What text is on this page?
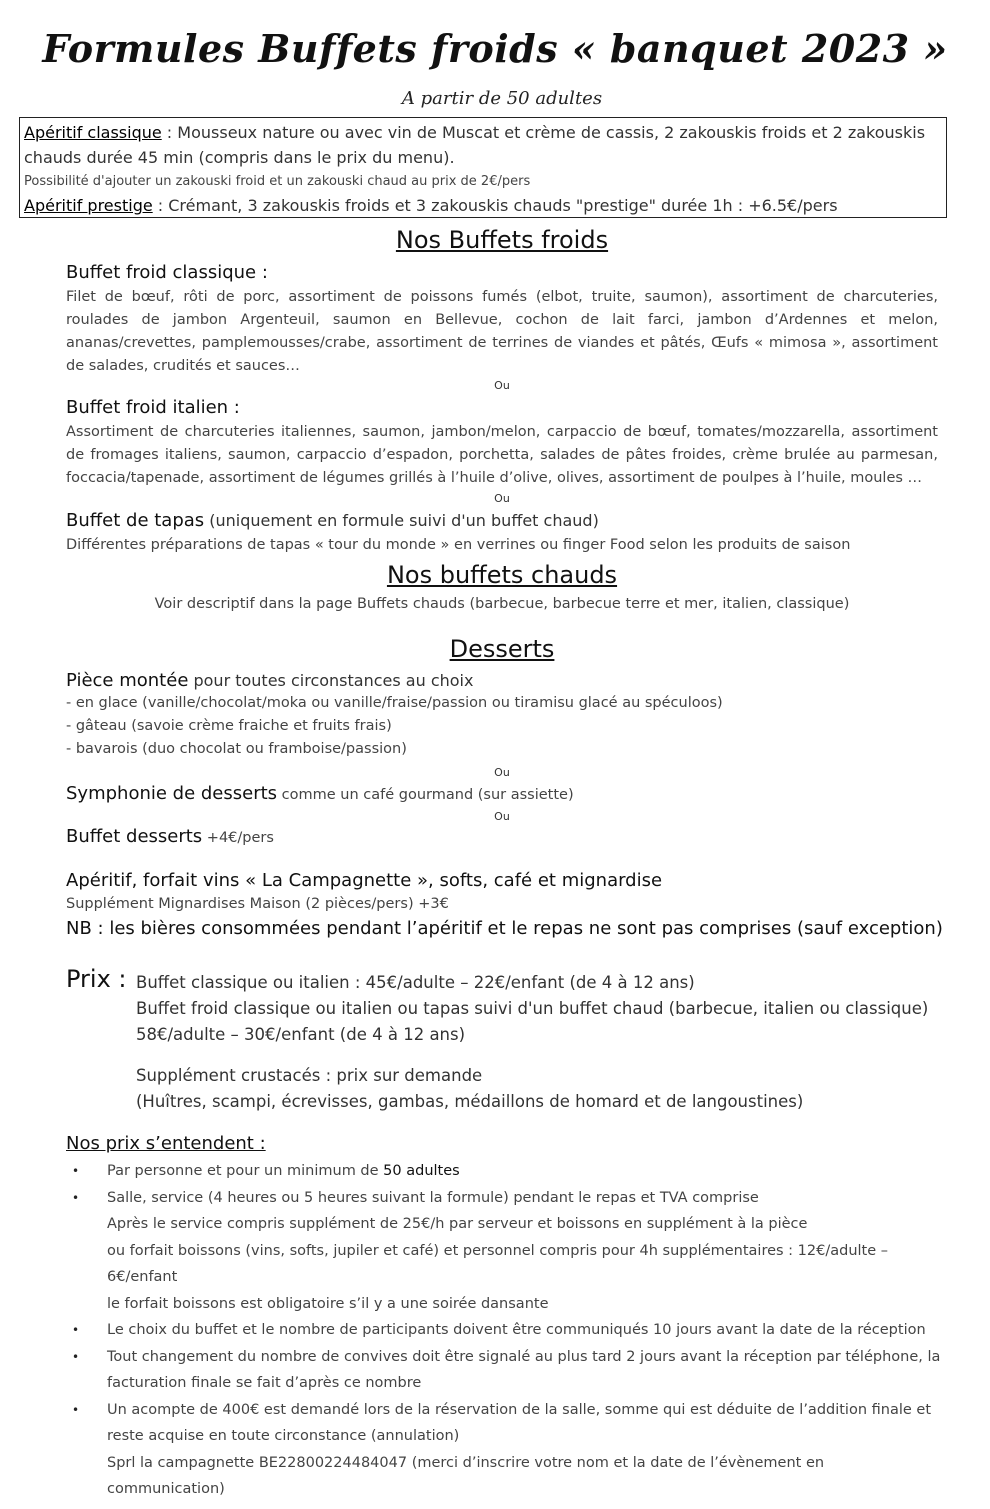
Formules Buffets froids « banquet 2023 »
A partir de 50 adultes
Apéritif classique : Mousseux nature ou avec vin de Muscat et crème de cassis, 2 zakouskis froids et 2 zakouskis
chauds durée 45 min (compris dans le prix du menu).
Possibilité d'ajouter un zakouski froid et un zakouski chaud au prix de 2€/pers
Apéritif prestige : Crémant, 3 zakouskis froids et 3 zakouskis chauds "prestige" durée 1h : +6.5€/pers
Nos Buffets froids
Buffet froid classique :
Filet de bœuf, rôti de porc, assortiment de poissons fumés (elbot, truite, saumon), assortiment de charcuteries, roulades de jambon Argenteuil, saumon en Bellevue, cochon de lait farci, jambon d’Ardennes et melon, ananas/crevettes, pamplemousses/crabe, assortiment de terrines de viandes et pâtés, Œufs « mimosa », assortiment de salades, crudités et sauces…
Ou
Buffet froid italien :
Assortiment de charcuteries italiennes, saumon, jambon/melon, carpaccio de bœuf, tomates/mozzarella, assortiment de fromages italiens, saumon, carpaccio d’espadon, porchetta, salades de pâtes froides, crème brulée au parmesan, foccacia/tapenade, assortiment de légumes grillés à l’huile d’olive, olives, assortiment de poulpes à l’huile, moules …
Ou
Buffet de tapas (uniquement en formule suivi d'un buffet chaud)
Différentes préparations de tapas « tour du monde » en verrines ou finger Food selon les produits de saison
Nos buffets chauds
Voir descriptif dans la page Buffets chauds (barbecue, barbecue terre et mer, italien, classique)
Desserts
Pièce montée pour toutes circonstances au choix
- en glace (vanille/chocolat/moka ou vanille/fraise/passion ou tiramisu glacé au spéculoos)
- gâteau (savoie crème fraiche et fruits frais)
- bavarois (duo chocolat ou framboise/passion)
Ou
Symphonie de desserts comme un café gourmand (sur assiette)
Ou
Buffet desserts +4€/pers
Apéritif, forfait vins « La Campagnette », softs, café et mignardise
Supplément Mignardises Maison (2 pièces/pers) +3€
NB : les bières consommées pendant l’apéritif et le repas ne sont pas comprises (sauf exception)
Prix : Buffet classique ou italien : 45€/adulte – 22€/enfant (de 4 à 12 ans)
Buffet froid classique ou italien ou tapas suivi d'un buffet chaud (barbecue, italien ou classique)
58€/adulte – 30€/enfant (de 4 à 12 ans)
Supplément crustacés : prix sur demande
(Huîtres, scampi, écrevisses, gambas, médaillons de homard et de langoustines)
Nos prix s’entendent :
• Par personne et pour un minimum de 50 adultes
• Salle, service (4 heures ou 5 heures suivant la formule) pendant le repas et TVA comprise
Après le service compris supplément de 25€/h par serveur et boissons en supplément à la pièce
ou forfait boissons (vins, softs, jupiler et café) et personnel compris pour 4h supplémentaires : 12€/adulte –
6€/enfant
le forfait boissons est obligatoire s’il y a une soirée dansante
• Le choix du buffet et le nombre de participants doivent être communiqués 10 jours avant la date de la réception
• Tout changement du nombre de convives doit être signalé au plus tard 2 jours avant la réception par téléphone, la facturation finale se fait d’après ce nombre
• Un acompte de 400€ est demandé lors de la réservation de la salle, somme qui est déduite de l’addition finale et reste acquise en toute circonstance (annulation)
Sprl la campagnette BE22800224484047 (merci d’inscrire votre nom et la date de l’évènement en communication)
